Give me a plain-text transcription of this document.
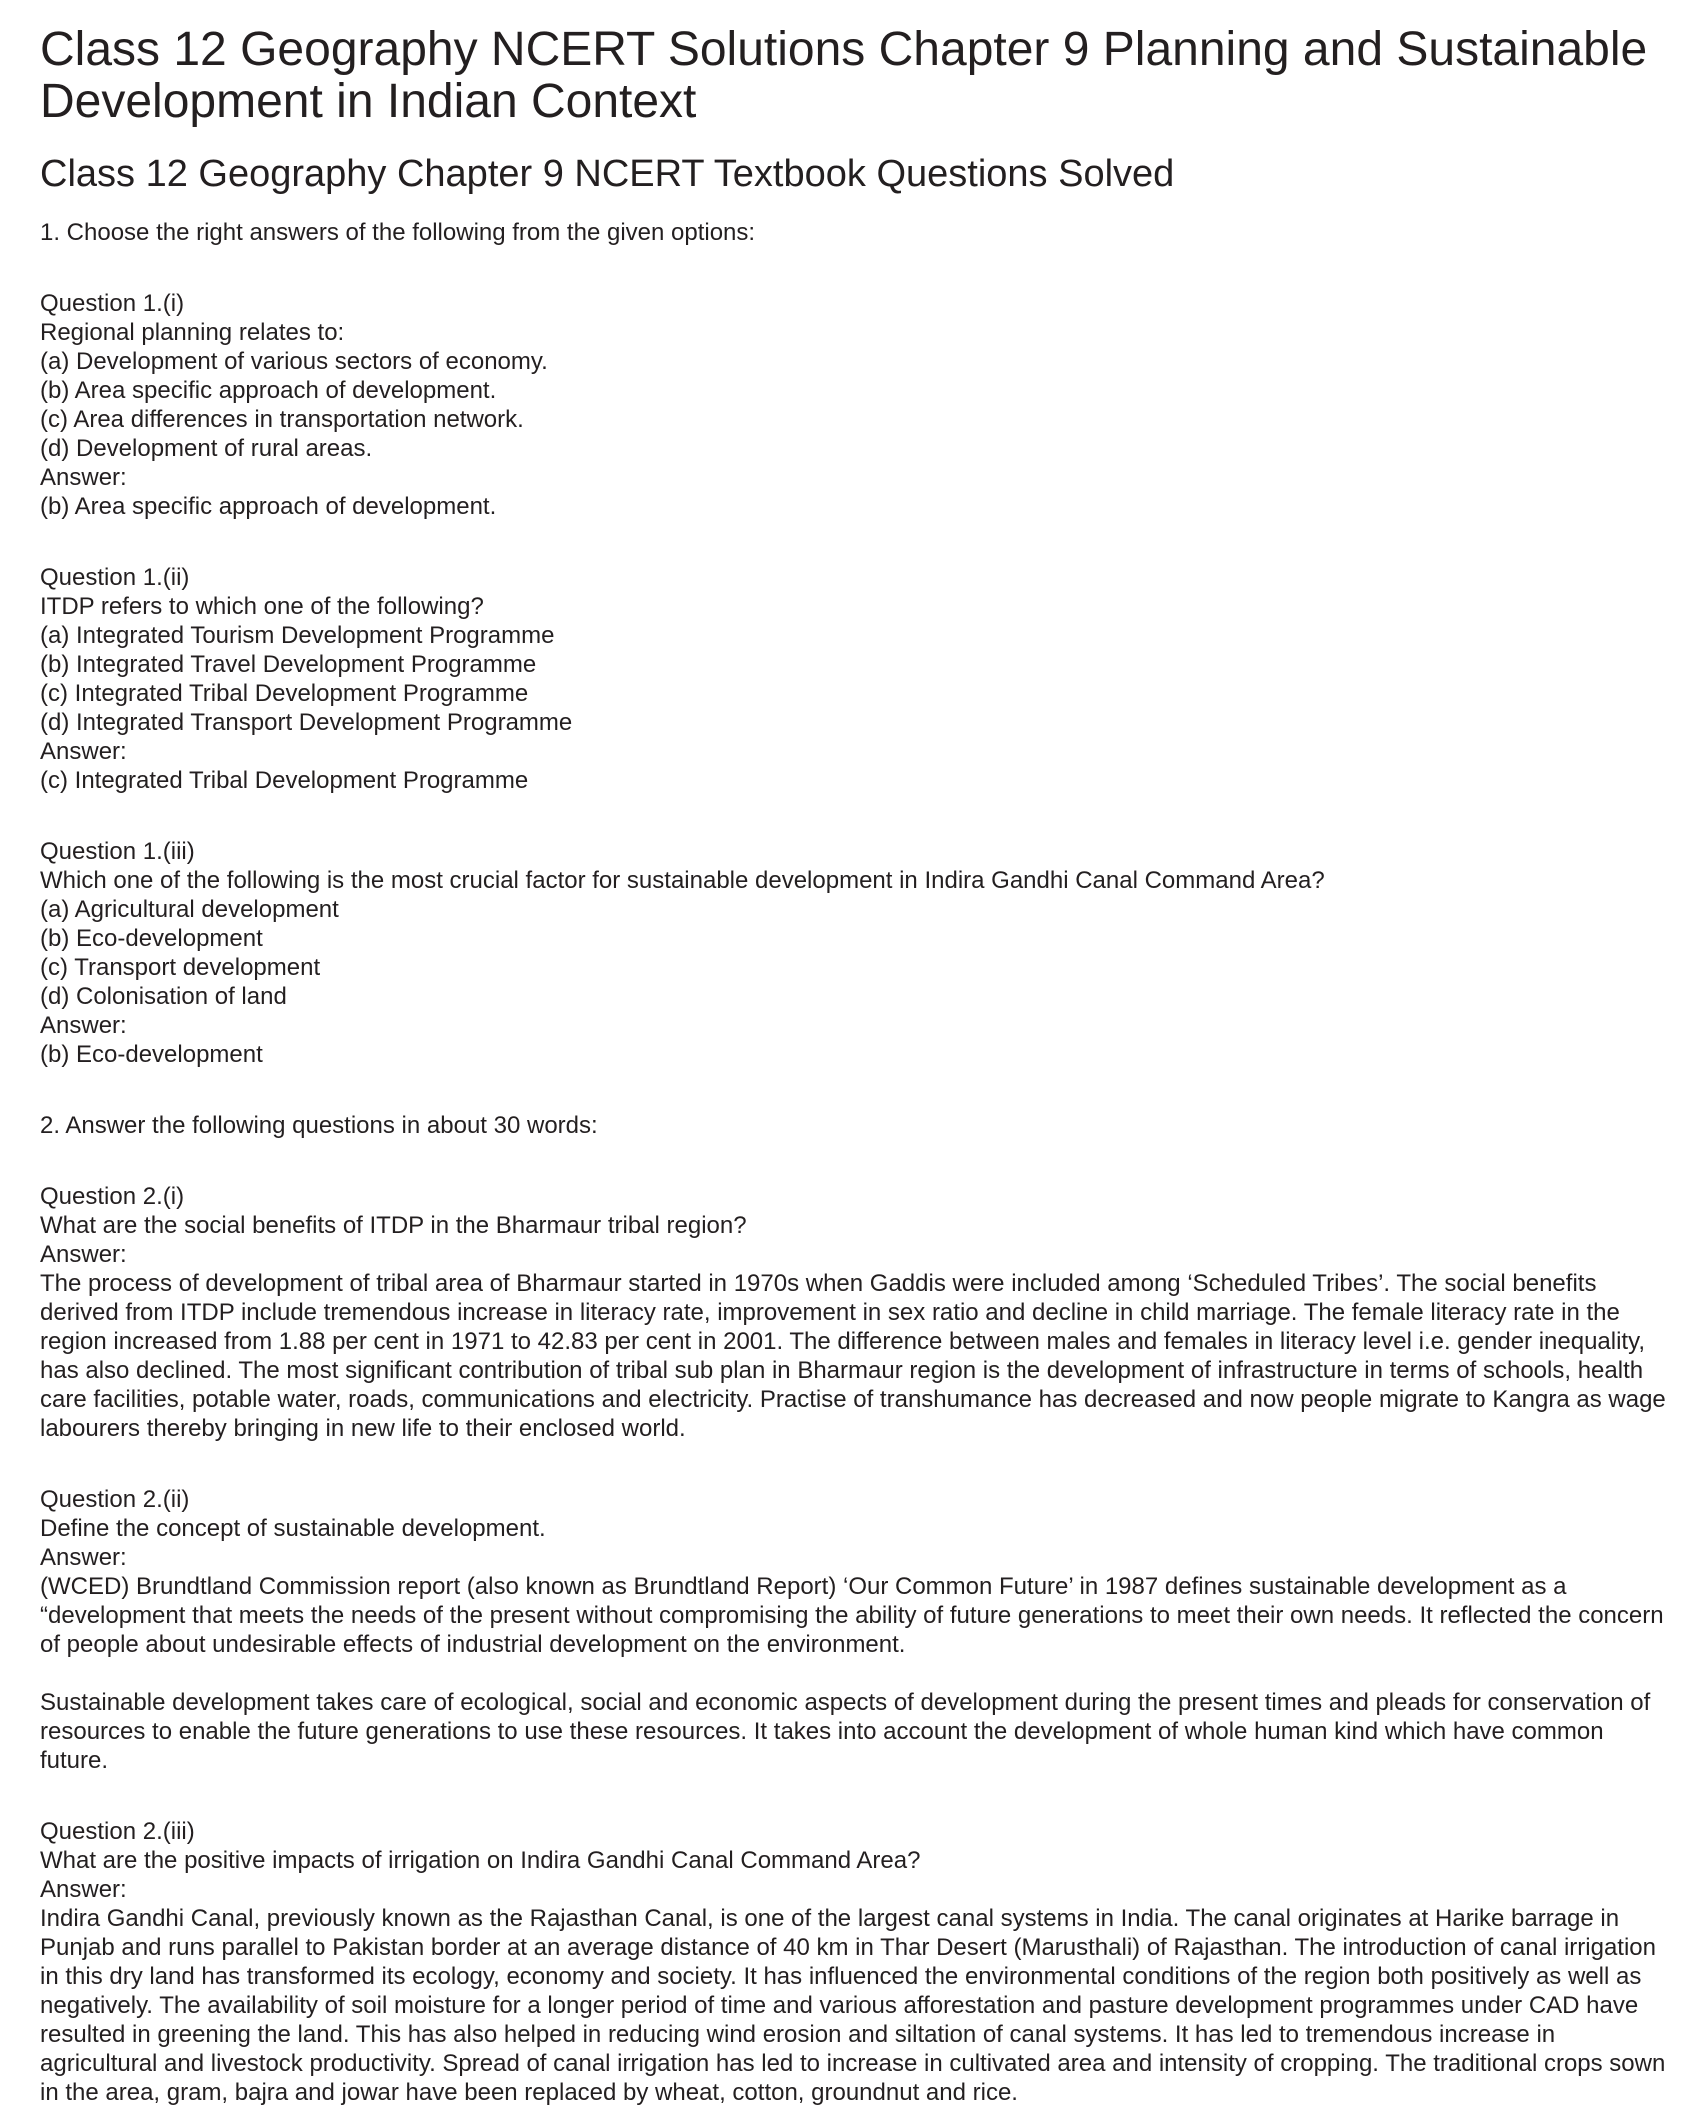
Class 12 Geography NCERT Solutions Chapter 9 Planning and Sustainable Development in Indian Context
Class 12 Geography Chapter 9 NCERT Textbook Questions Solved

1. Choose the right answers of the following from the given options:

Question 1.(i)

Regional planning relates to:

(a) Development of various sectors of economy.

(b) Area specific approach of development.

(c) Area differences in transportation network.

(d) Development of rural areas.

Answer:

(b) Area specific approach of development.

Question 1.(ii)

ITDP refers to which one of the following?

(a) Integrated Tourism Development Programme

(b) Integrated Travel Development Programme

(c) Integrated Tribal Development Programme

(d) Integrated Transport Development Programme

Answer:

(c) Integrated Tribal Development Programme

Question 1.(iii)

Which one of the following is the most crucial factor for sustainable development in Indira Gandhi Canal Command Area?

(a) Agricultural development

(b) Eco-development

(c) Transport development

(d) Colonisation of land

Answer:

(b) Eco-development

2. Answer the following questions in about 30 words:

Question 2.(i)

What are the social benefits of ITDP in the Bharmaur tribal region?

Answer:

The process of development of tribal area of Bharmaur started in 1970s when Gaddis were included among ‘Scheduled Tribes’. The social benefits derived from ITDP include tremendous increase in literacy rate, improvement in sex ratio and decline in child marriage. The female literacy rate in the region increased from 1.88 per cent in 1971 to 42.83 per cent in 2001. The difference between males and females in literacy level i.e. gender inequality, has also declined. The most significant contribution of tribal sub plan in Bharmaur region is the development of infrastructure in terms of schools, health care facilities, potable water, roads, communications and electricity. Practise of transhumance has decreased and now people migrate to Kangra as wage labourers thereby bringing in new life to their enclosed world.

Question 2.(ii)

Define the concept of sustainable development.

Answer:

(WCED) Brundtland Commission report (also known as Brundtland Report) ‘Our Common Future’ in 1987 defines sustainable development as a “development that meets the needs of the present without compromising the ability of future generations to meet their own needs. It reflected the concern of people about undesirable effects of industrial development on the environment.

Sustainable development takes care of ecological, social and economic aspects of development during the present times and pleads for conservation of resources to enable the future generations to use these resources. It takes into account the development of whole human kind which have common future.

Question 2.(iii)

What are the positive impacts of irrigation on Indira Gandhi Canal Command Area?

Answer:

Indira Gandhi Canal, previously known as the Rajasthan Canal, is one of the largest canal systems in India. The canal originates at Harike barrage in Punjab and runs parallel to Pakistan border at an average distance of 40 km in Thar Desert (Marusthali) of Rajasthan. The introduction of canal irrigation in this dry land has transformed its ecology, economy and society. It has influenced the environmental conditions of the region both positively as well as negatively. The availability of soil moisture for a longer period of time and various afforestation and pasture development programmes under CAD have resulted in greening the land. This has also helped in reducing wind erosion and siltation of canal systems. It has led to tremendous increase in agricultural and livestock productivity. Spread of canal irrigation has led to increase in cultivated area and intensity of cropping. The traditional crops sown in the area, gram, bajra and jowar have been replaced by wheat, cotton, groundnut and rice.
